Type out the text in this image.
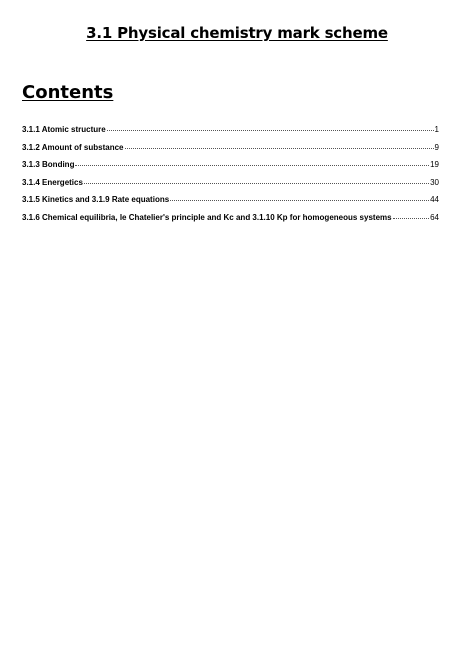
3.1 Physical chemistry mark scheme
Contents
3.1.1 Atomic structure	1
3.1.2 Amount of substance	9
3.1.3 Bonding	19
3.1.4 Energetics	30
3.1.5 Kinetics and 3.1.9 Rate equations	44
3.1.6 Chemical equilibria, le Chatelier's principle and Kc and 3.1.10 Kp for homogeneous systems	64
